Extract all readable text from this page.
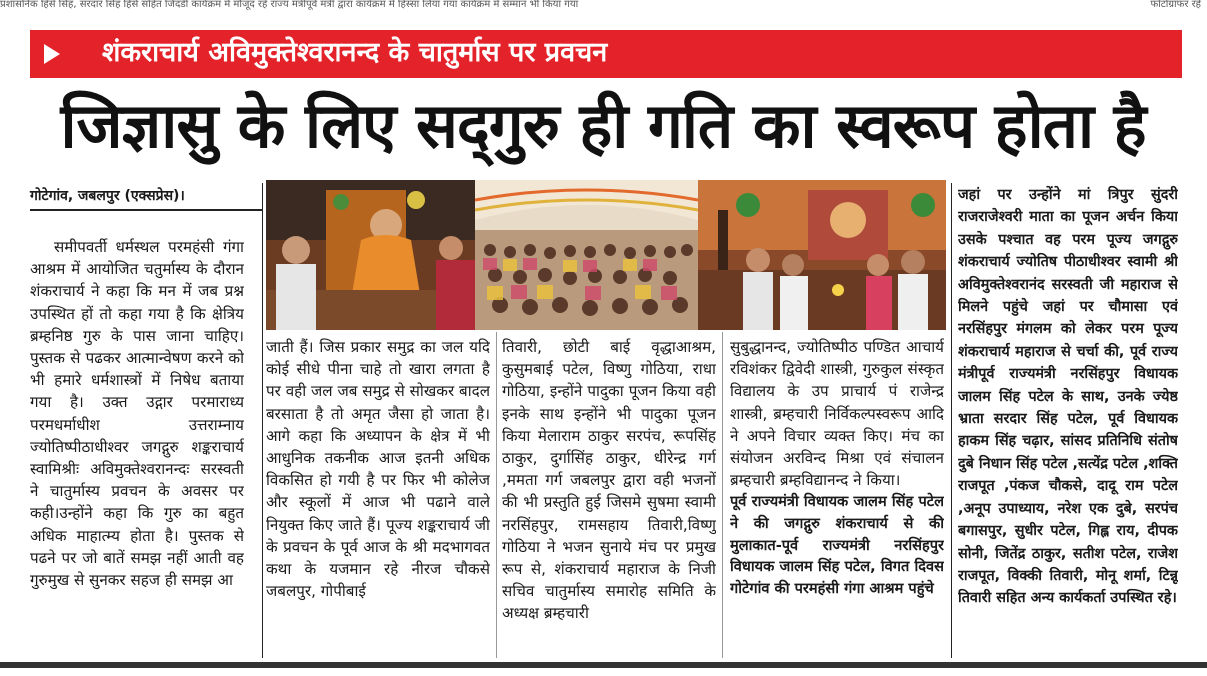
प्रशासनिक हिसे सिंह, सरदार सिंह हिसे सहित जिंदडी कार्यक्रम में मौजूद रहे राज्य मंत्रीपूर्व मंत्री द्वारा कार्यक्रम में हिस्सा लिया गया कार्यक्रम में सम्मान भी किया गया	फोटोग्राफर रहे
शंकराचार्य अविमुक्तेश्वरानन्द के चातुर्मास पर प्रवचन
जिज्ञासु के लिए सद्‌गुरु ही गति का स्वरूप होता है
गोटेगांव, जबलपुर (एक्सप्रेस)।

समीपवर्ती धर्मस्थल परमहंसी गंगा आश्रम में आयोजित चतुर्मास्य के दौरान शंकराचार्य ने कहा कि मन में जब प्रश्न उपस्थित हों तो कहा गया है कि क्षेत्रिय ब्रम्हनिष्ठ गुरु के पास जाना चाहिए। पुस्तक से पढकर आत्मान्वेषण करने को भी हमारे धर्मशास्त्रों में निषेध बताया गया है। उक्त उद्गार परमाराध्य परमधर्माधीश उत्तराम्नाय ज्योतिष्पीठाधीश्वर जगद्गुरु शङ्कराचार्य स्वामिश्रीः अविमुक्तेश्वरानन्दः सरस्वती ने चातुर्मास्य प्रवचन के अवसर पर कही।उन्होंने कहा कि गुरु का बहुत अधिक माहात्म्य होता है। पुस्तक से पढने पर जो बातें समझ नहीं आती वह गुरुमुख से सुनकर सहज ही समझ आ

जाती हैं। जिस प्रकार समुद्र का जल यदि कोई सीधे पीना चाहे तो खारा लगता है पर वही जल जब समुद्र से सोखकर बादल बरसाता है तो अमृत जैसा हो जाता है। आगे कहा कि अध्यापन के क्षेत्र में भी आधुनिक तकनीक आज इतनी अधिक विकसित हो गयी है पर फिर भी कोलेज और स्कूलों में आज भी पढाने वाले नियुक्त किए जाते हैं। पूज्य शङ्कराचार्य जी के प्रवचन के पूर्व आज के श्री मदभागवत कथा के यजमान रहे नीरज चौकसे जबलपुर, गोपीबाई

तिवारी, छोटी बाई वृद्धाआश्रम, कुसुमबाई पटेल, विष्णु गोठिया, राधा गोठिया, इन्होंने पादुका पूजन किया वही इनके साथ इन्होंने भी पादुका पूजन किया मेलाराम ठाकुर सरपंच, रूपसिंह ठाकुर, दुर्गासिंह ठाकुर, धीरेन्द्र गर्ग ,ममता गर्ग जबलपुर द्वारा वही भजनों की भी प्रस्तुति हुई जिसमे सुषमा स्वामी नरसिंहपुर, रामसहाय तिवारी,विष्णु गोठिया ने भजन सुनाये मंच पर प्रमुख रूप से, शंकराचार्य महाराज के निजी सचिव चातुर्मास्य समारोह समिति के अध्यक्ष ब्रम्हचारी

सुबुद्धानन्द, ज्योतिष्पीठ पण्डित आचार्य रविशंकर द्विवेदी शास्त्री, गुरुकुल संस्कृत विद्यालय के उप प्राचार्य पं राजेन्द्र शास्त्री, ब्रम्हचारी निर्विकल्पस्वरूप आदि ने अपने विचार व्यक्त किए। मंच का संयोजन अरविन्द मिश्रा एवं संचालन ब्रम्हचारी ब्रम्हविद्यानन्द ने किया।

पूर्व राज्यमंत्री विधायक जालम सिंह पटेल ने की जगद्गुरु शंकराचार्य से की मुलाकात-पूर्व राज्यमंत्री नरसिंहपुर विधायक जालम सिंह पटेल, विगत दिवस गोटेगांव की परमहंसी गंगा आश्रम पहुंचे

जहां पर उन्होंने मां त्रिपुर सुंदरी राजराजेश्वरी माता का पूजन अर्चन किया उसके पश्चात वह परम पूज्य जगद्गुरु शंकराचार्य ज्योतिष पीठाधीश्वर स्वामी श्री अविमुक्तेश्वरानंद सरस्वती जी महाराज से मिलने पहुंचे जहां पर चौमासा एवं नरसिंहपुर मंगलम को लेकर परम पूज्य शंकराचार्य महाराज से चर्चा की, पूर्व राज्य मंत्रीपूर्व राज्यमंत्री नरसिंहपुर विधायक जालम सिंह पटेल के साथ, उनके ज्येष्ठ भ्राता सरदार सिंह पटेल, पूर्व विधायक हाकम सिंह चढ़ार, सांसद प्रतिनिधि संतोष दुबे निधान सिंह पटेल ,सत्येंद्र पटेल ,शक्ति राजपूत ,पंकज चौकसे, दादू राम पटेल ,अनूप उपाध्याय, नरेश एक दुबे, सरपंच बगासपुर, सुधीर पटेल, गिह्ल राय, दीपक सोनी, जितेंद्र ठाकुर, सतीश पटेल, राजेश राजपूत, विक्की तिवारी, मोनू शर्मा, टिन्नू तिवारी सहित अन्य कार्यकर्ता उपस्थित रहे।
